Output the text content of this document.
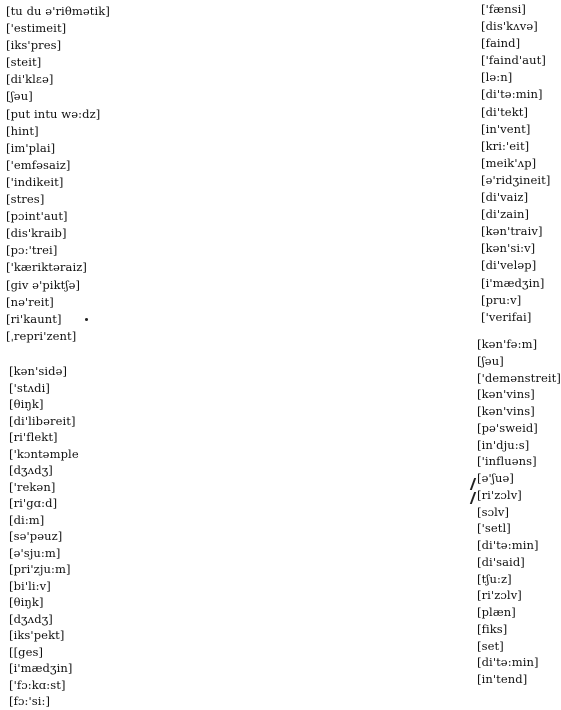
[tu du ə'riθmətik]
['estimeit]
[iks'pres]
[steit]
[di'klɛə]
[ʃəu]
[put intu wə:dz]
[hint]
[im'plai]
['emfəsaiz]
['indikeit]
[stres]
[pɔint'aut]
[dis'kraib]
[pɔ:'trei]
['kæriktəraiz]
[giv ə'piktʃə]
[nə'reit]
[ri'kaunt]
[ˌrepri'zent]
['fænsi]
[dis'kʌvə]
[faind]
['faind'aut]
[lə:n]
[di'tə:min]
[di'tekt]
[in'vent]
[kri:'eit]
[meik'ʌp]
[ə'ridʒineit]
[di'vaiz]
[di'zain]
[kən'traiv]
[kən'si:v]
[di'veləp]
[i'mædʒin]
[pru:v]
['verifai]
[kən'sidə]
['stʌdi]
[θiŋk]
[di'libəreit]
[ri'flekt]
['kɔntəmple
[dʒʌdʒ]
['rekən]
[ri'gɑ:d]
[di:m]
[sə'pəuz]
[ə'sju:m]
[pri'zju:m]
[bi'li:v]
[θiŋk]
[dʒʌdʒ]
[iks'pekt]
[[ges]
[i'mædʒin]
['fɔ:kɑ:st]
[fɔ:'si:]
[kən'fə:m]
[ʃəu]
['demənstreit]
[kən'vins]
[kən'vins]
[pə'sweid]
[in'dju:s]
['influəns]
[ə'ʃuə]
[ri'zɔlv]
[sɔlv]
['setl]
[di'tə:min]
[di'said]
[tʃu:z]
[ri'zɔlv]
[plæn]
[fiks]
[set]
[di'tə:min]
[in'tend]
